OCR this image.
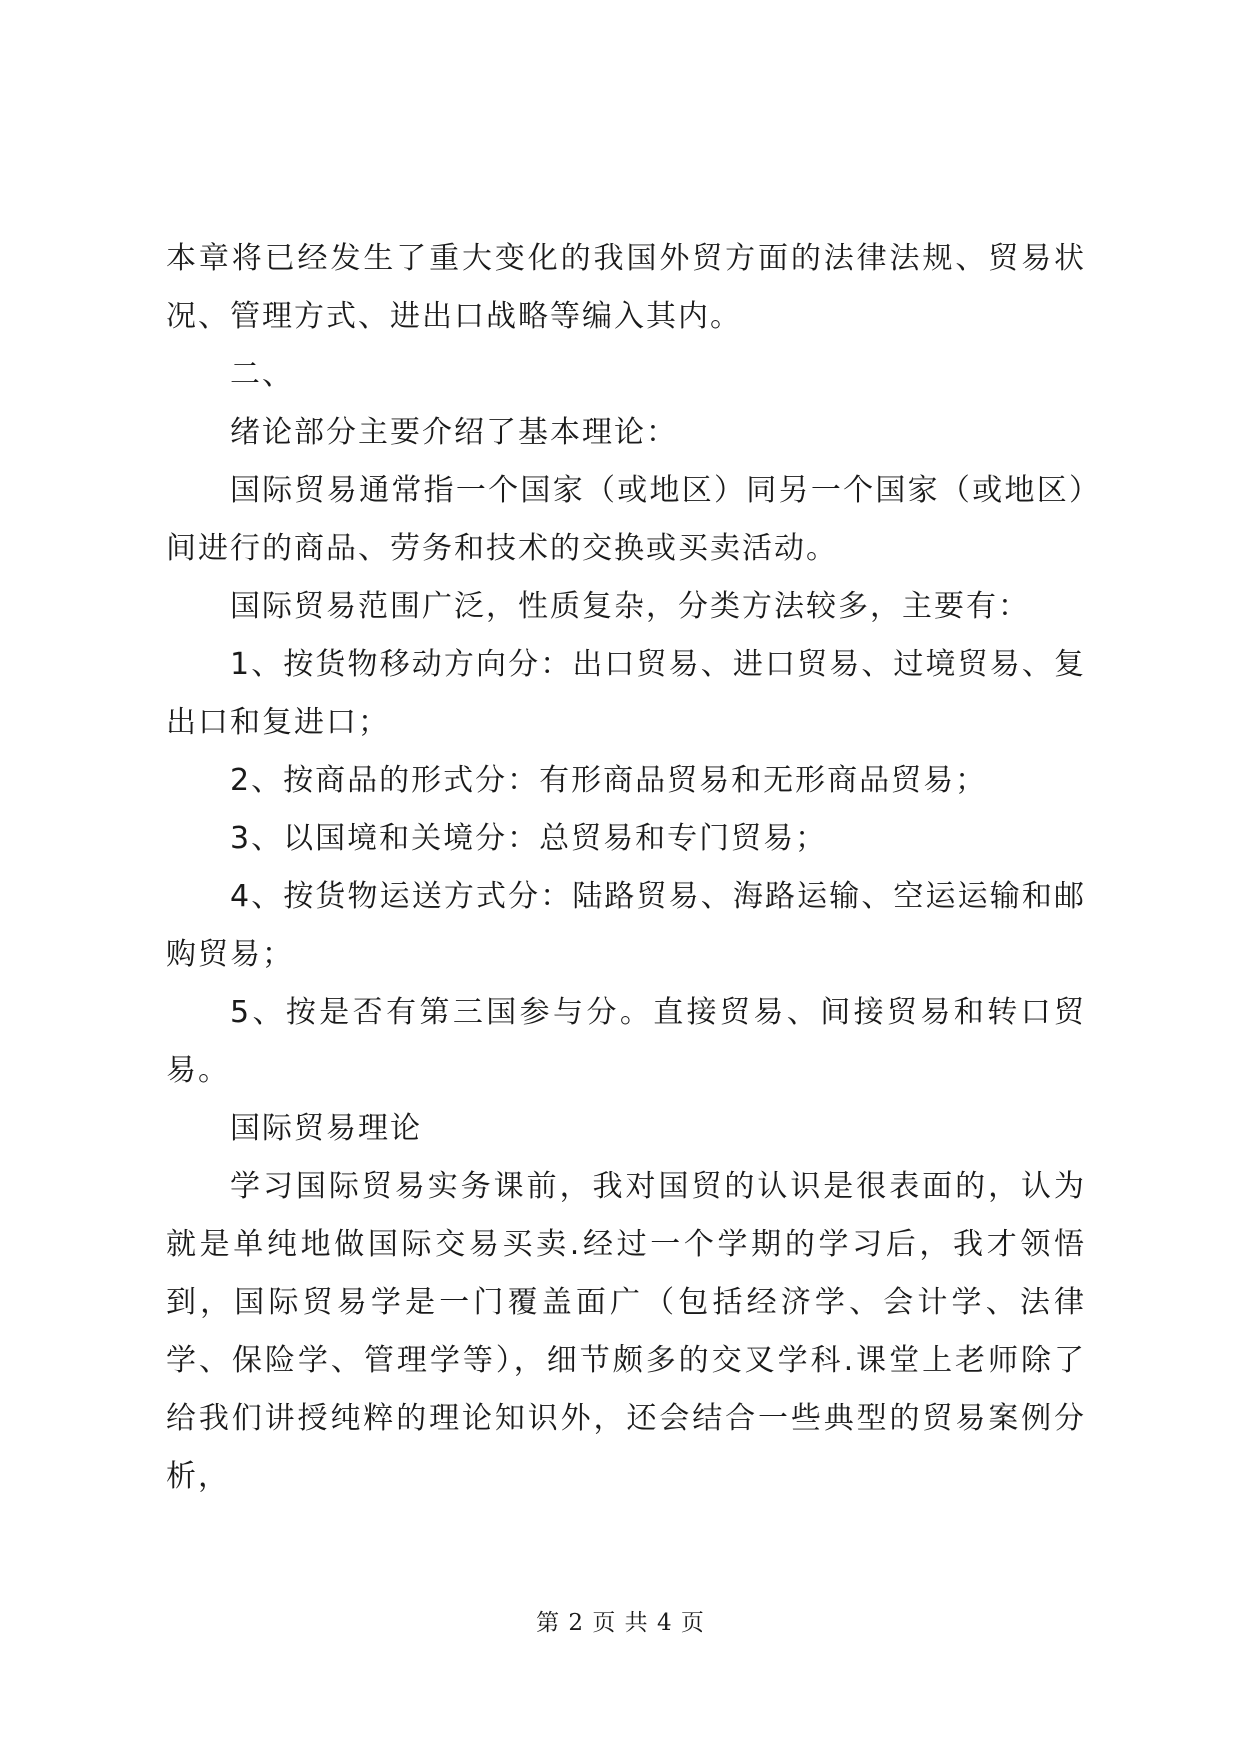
本章将已经发生了重大变化的我国外贸方面的法律法规、贸易状况、管理方式、进出口战略等编入其内。

二、

绪论部分主要介绍了基本理论：

国际贸易通常指一个国家（或地区）同另一个国家（或地区）间进行的商品、劳务和技术的交换或买卖活动。

国际贸易范围广泛，性质复杂，分类方法较多，主要有：

1、按货物移动方向分：出口贸易、进口贸易、过境贸易、复出口和复进口；

2、按商品的形式分：有形商品贸易和无形商品贸易；

3、以国境和关境分：总贸易和专门贸易；

4、按货物运送方式分：陆路贸易、海路运输、空运运输和邮购贸易；

5、按是否有第三国参与分。直接贸易、间接贸易和转口贸易。

国际贸易理论

学习国际贸易实务课前，我对国贸的认识是很表面的，认为就是单纯地做国际交易买卖.经过一个学期的学习后，我才领悟到，国际贸易学是一门覆盖面广（包括经济学、会计学、法律学、保险学、管理学等），细节颇多的交叉学科.课堂上老师除了给我们讲授纯粹的理论知识外，还会结合一些典型的贸易案例分析，

第 2 页 共 4 页
